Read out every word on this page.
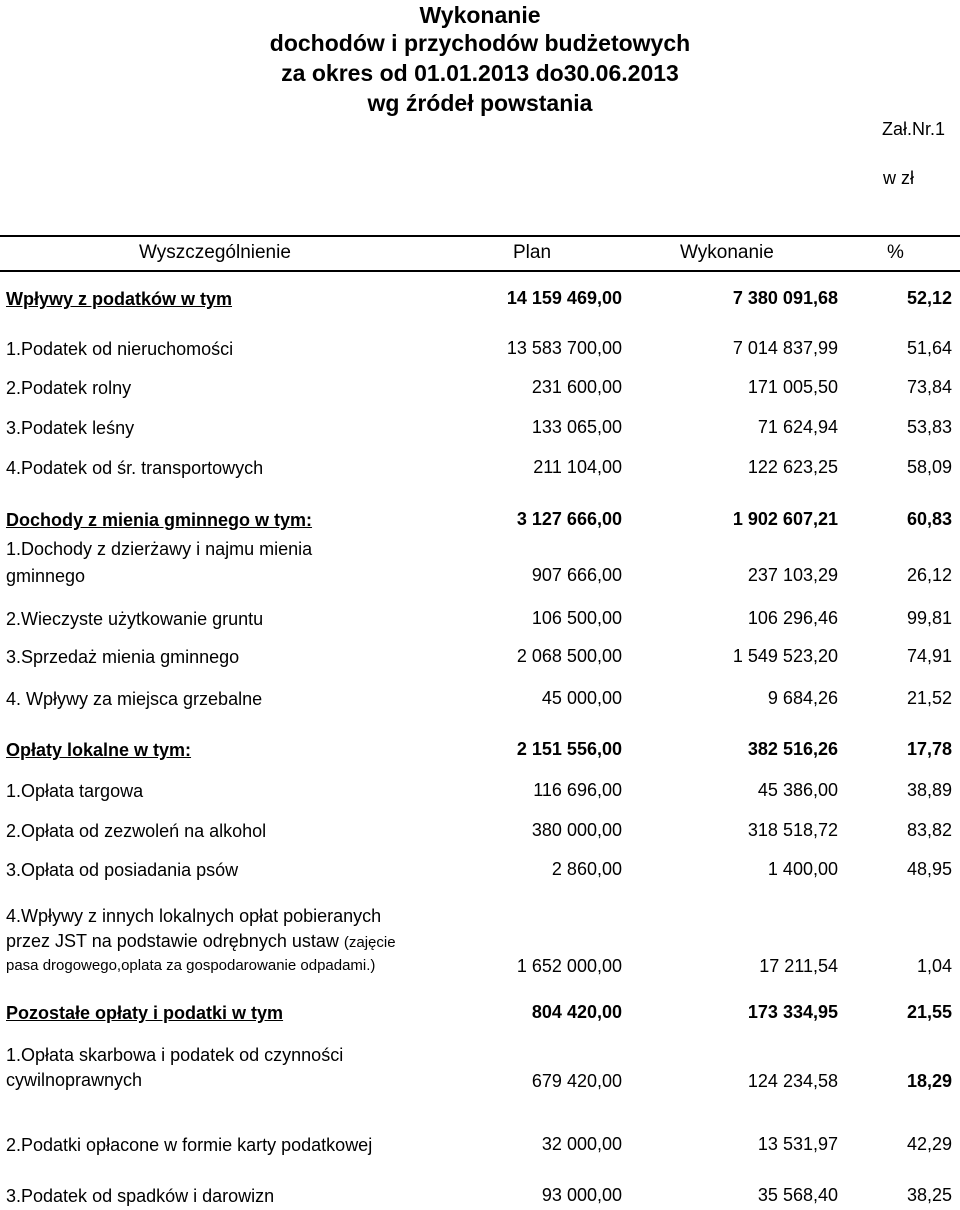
Wykonanie
dochodów i przychodów budżetowych
za okres od 01.01.2013 do30.06.2013
wg źródeł powstania
Zał.Nr.1
w zł
Wyszczególnienie	Plan	Wykonanie	%
Wpływy z podatków w tym	14 159 469,00	7 380 091,68	52,12
1.Podatek od nieruchomości	13 583 700,00	7 014 837,99	51,64
2.Podatek rolny	231 600,00	171 005,50	73,84
3.Podatek leśny	133 065,00	71 624,94	53,83
4.Podatek od śr. transportowych	211 104,00	122 623,25	58,09
Dochody z mienia gminnego w tym:	3 127 666,00	1 902 607,21	60,83
1.Dochody z dzierżawy i najmu mienia
gminnego	907 666,00	237 103,29	26,12
2.Wieczyste użytkowanie gruntu	106 500,00	106 296,46	99,81
3.Sprzedaż mienia gminnego	2 068 500,00	1 549 523,20	74,91
4. Wpływy za miejsca grzebalne	45 000,00	9 684,26	21,52
Opłaty lokalne w tym:	2 151 556,00	382 516,26	17,78
1.Opłata targowa	116 696,00	45 386,00	38,89
2.Opłata od zezwoleń na alkohol	380 000,00	318 518,72	83,82
3.Opłata od posiadania psów	2 860,00	1 400,00	48,95
4.Wpływy z innych lokalnych opłat pobieranych
przez JST na podstawie odrębnych ustaw (zajęcie
pasa drogowego,oplata za gospodarowanie odpadami.)	1 652 000,00	17 211,54	1,04
Pozostałe opłaty i podatki w tym	804 420,00	173 334,95	21,55
1.Opłata skarbowa i podatek od czynności
cywilnoprawnych	679 420,00	124 234,58	18,29
2.Podatki opłacone w formie karty podatkowej	32 000,00	13 531,97	42,29
3.Podatek od spadków i darowizn	93 000,00	35 568,40	38,25
